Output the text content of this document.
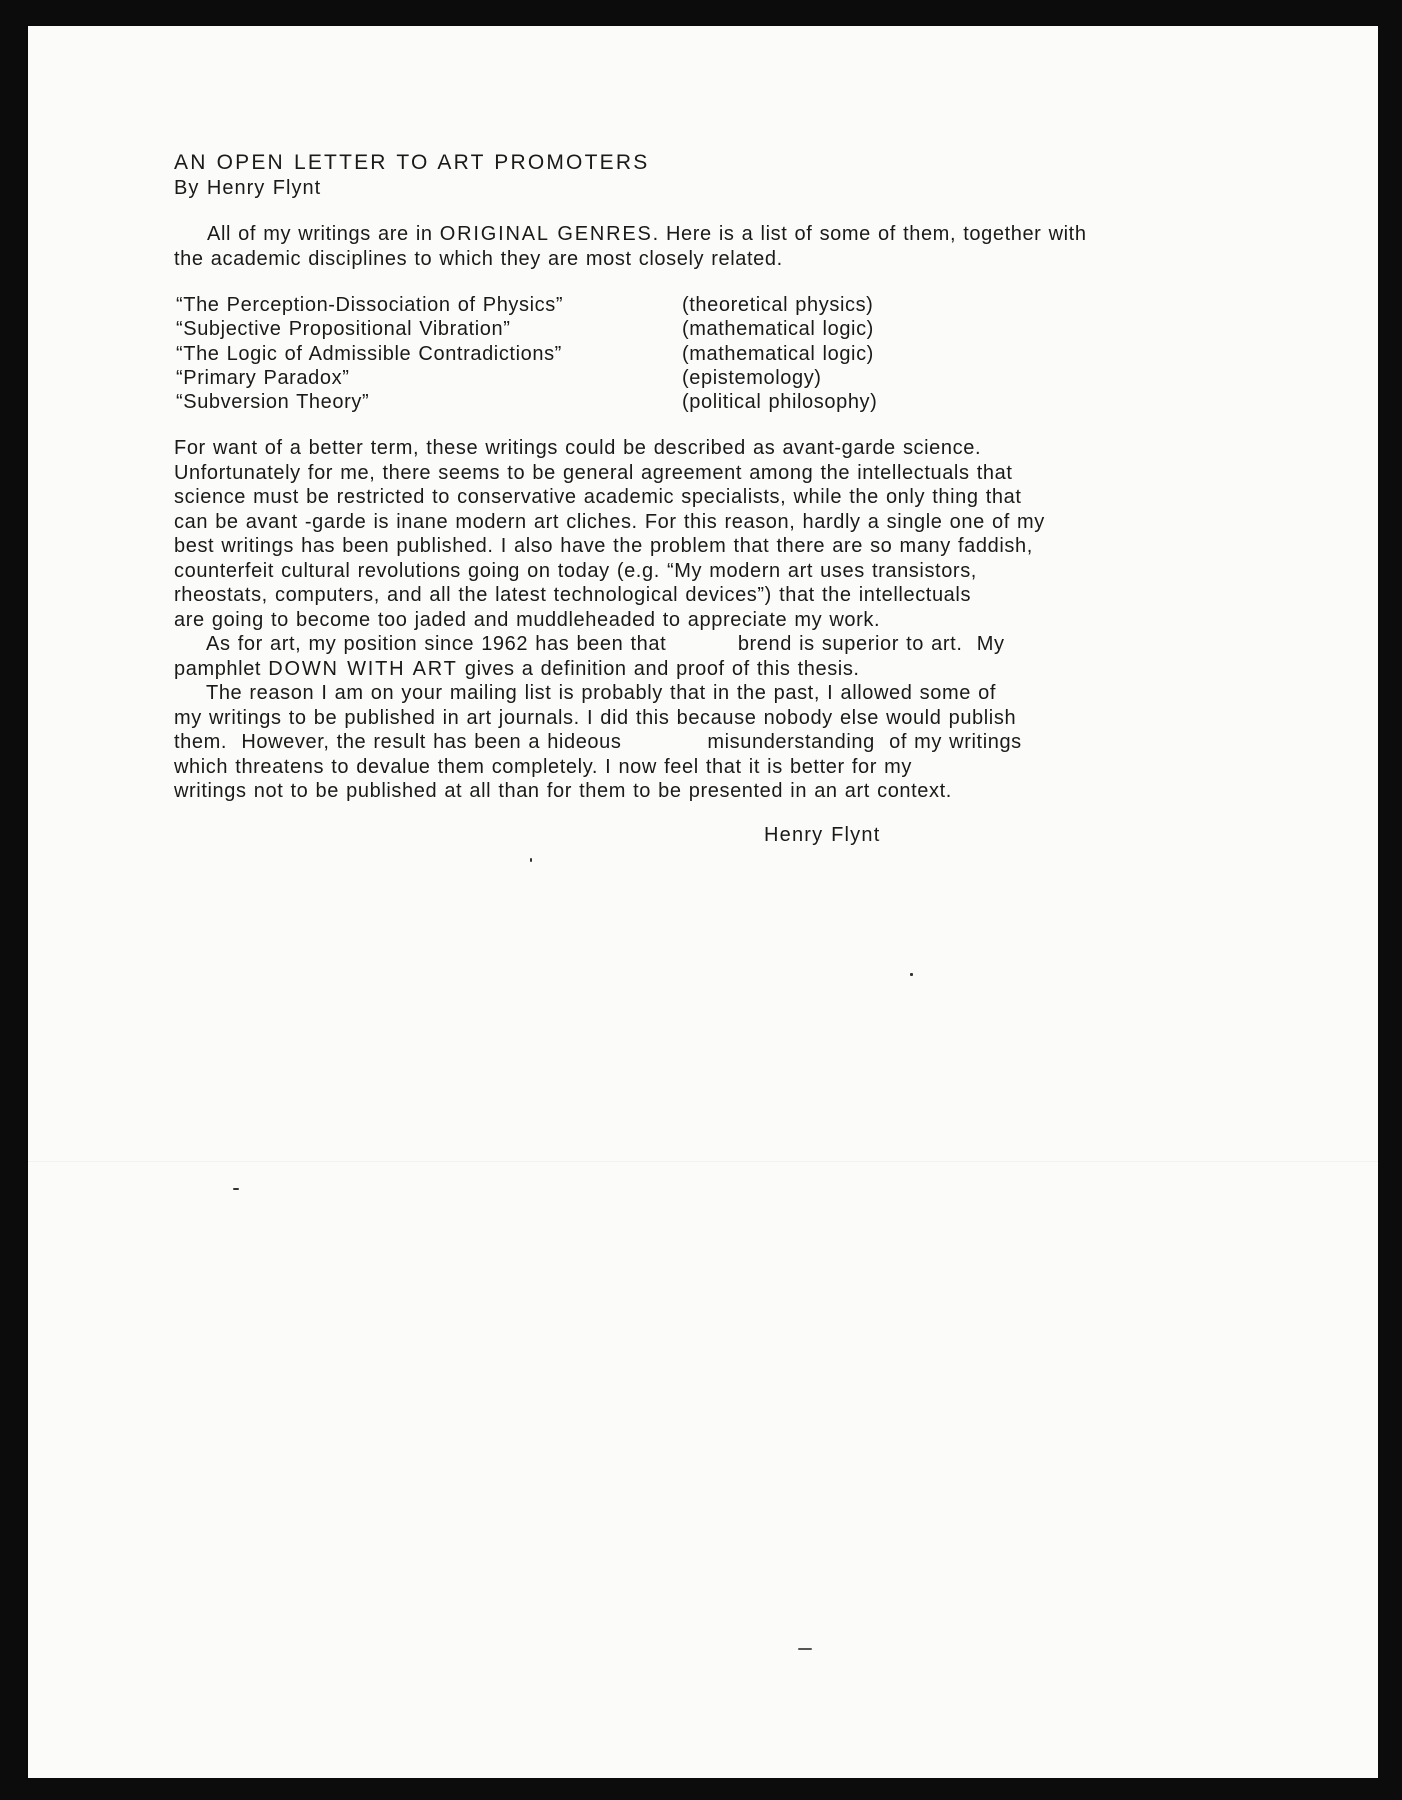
AN OPEN LETTER TO ART PROMOTERS
By Henry Flynt
All of my writings are in ORIGINAL GENRES. Here is a list of some of them, together with the academic disciplines to which they are most closely related.
“The Perception-Dissociation of Physics”	(theoretical physics)
“Subjective Propositional Vibration”	(mathematical logic)
“The Logic of Admissible Contradictions”	(mathematical logic)
“Primary Paradox”	(epistemology)
“Subversion Theory”	(political philosophy)
For want of a better term, these writings could be described as avant-garde science.
Unfortunately for me, there seems to be general agreement among the intellectuals that
science must be restricted to conservative academic specialists, while the only thing that
can be avant -garde is inane modern art cliches. For this reason, hardly a single one of my
best writings has been published. I also have the problem that there are so many faddish,
counterfeit cultural revolutions going on today (e.g. “My modern art uses transistors,
rheostats, computers, and all the latest technological devices”) that the intellectuals
are going to become too jaded and muddleheaded to appreciate my work.
As for art, my position since 1962 has been that          brend is superior to art.  My
pamphlet DOWN WITH ART gives a definition and proof of this thesis.
The reason I am on your mailing list is probably that in the past, I allowed some of
my writings to be published in art journals. I did this because nobody else would publish
them.  However, the result has been a hideous            misunderstanding  of my writings
which threatens to devalue them completely. I now feel that it is better for my
writings not to be published at all than for them to be presented in an art context.
Henry Flynt
